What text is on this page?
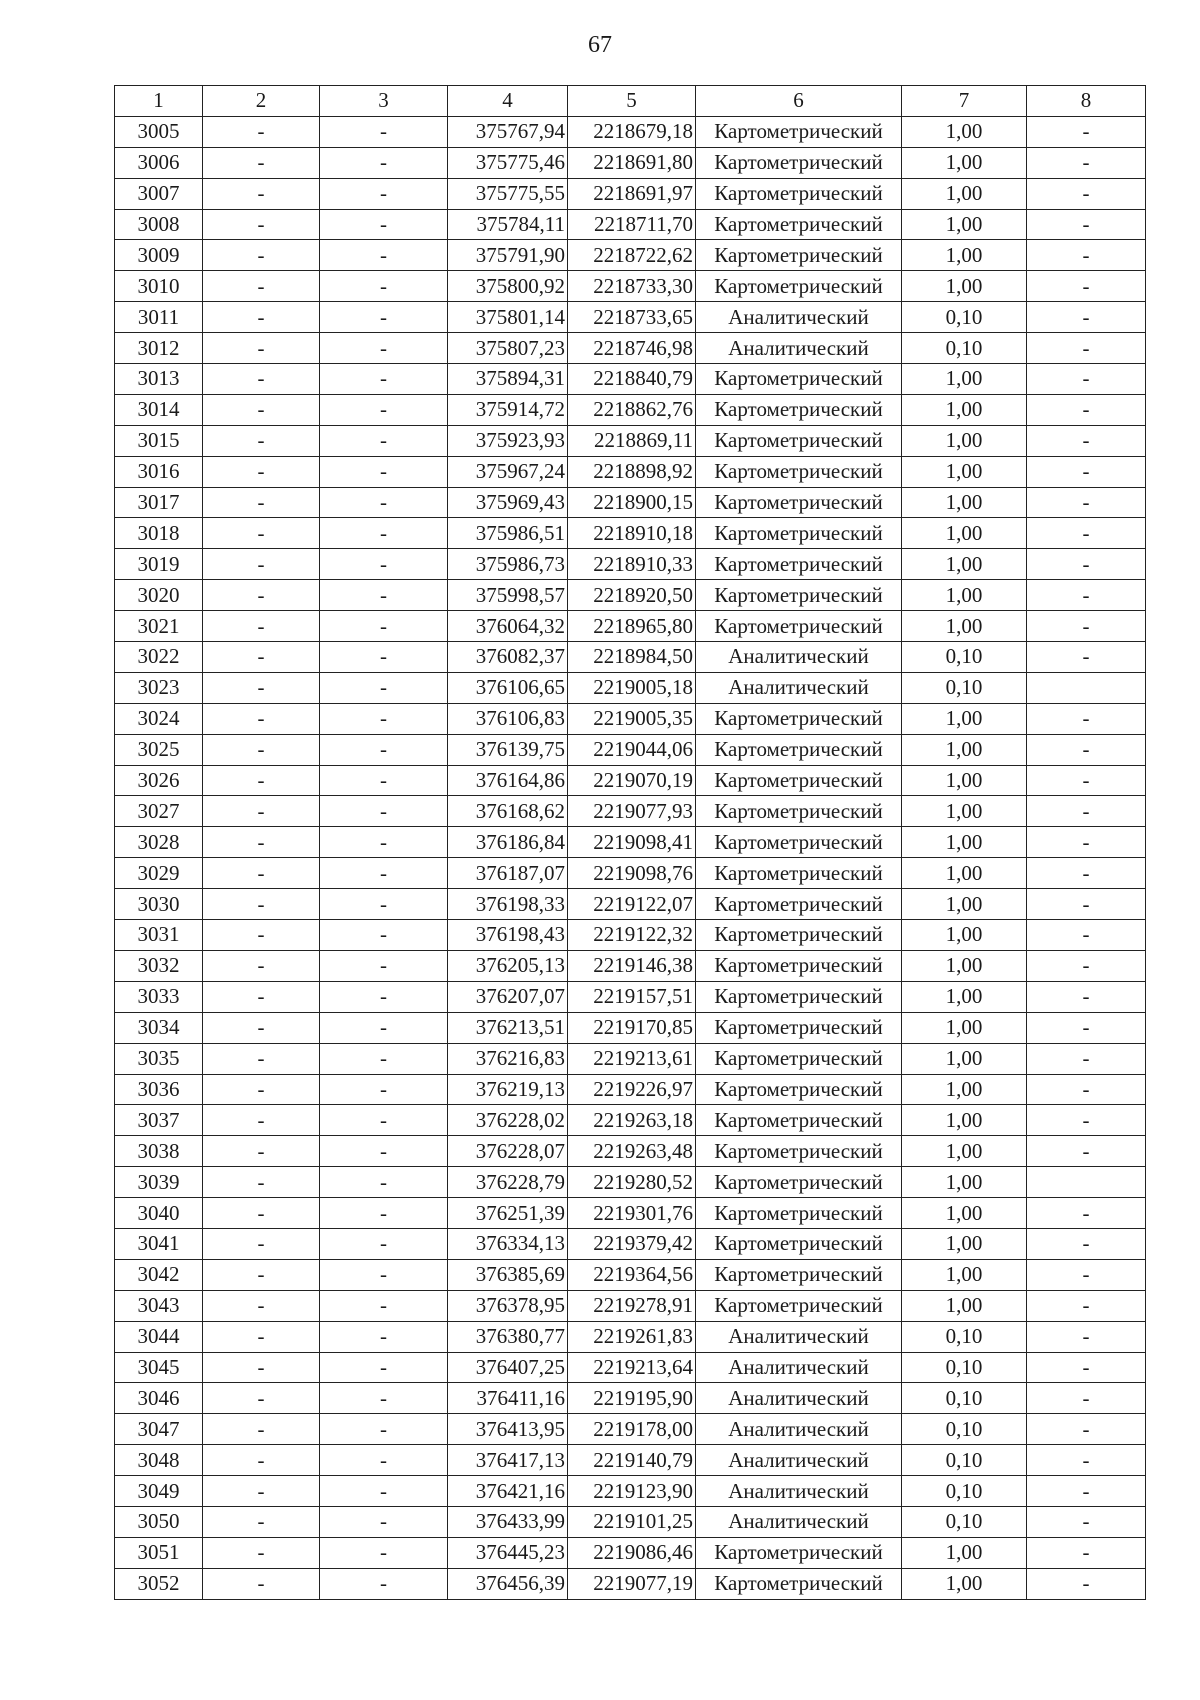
67
1	2	3	4	5	6	7	8
3005	-	-	375767,94	2218679,18	Картометрический	1,00	-
3006	-	-	375775,46	2218691,80	Картометрический	1,00	-
3007	-	-	375775,55	2218691,97	Картометрический	1,00	-
3008	-	-	375784,11	2218711,70	Картометрический	1,00	-
3009	-	-	375791,90	2218722,62	Картометрический	1,00	-
3010	-	-	375800,92	2218733,30	Картометрический	1,00	-
3011	-	-	375801,14	2218733,65	Аналитический	0,10	-
3012	-	-	375807,23	2218746,98	Аналитический	0,10	-
3013	-	-	375894,31	2218840,79	Картометрический	1,00	-
3014	-	-	375914,72	2218862,76	Картометрический	1,00	-
3015	-	-	375923,93	2218869,11	Картометрический	1,00	-
3016	-	-	375967,24	2218898,92	Картометрический	1,00	-
3017	-	-	375969,43	2218900,15	Картометрический	1,00	-
3018	-	-	375986,51	2218910,18	Картометрический	1,00	-
3019	-	-	375986,73	2218910,33	Картометрический	1,00	-
3020	-	-	375998,57	2218920,50	Картометрический	1,00	-
3021	-	-	376064,32	2218965,80	Картометрический	1,00	-
3022	-	-	376082,37	2218984,50	Аналитический	0,10	-
3023	-	-	376106,65	2219005,18	Аналитический	0,10	
3024	-	-	376106,83	2219005,35	Картометрический	1,00	-
3025	-	-	376139,75	2219044,06	Картометрический	1,00	-
3026	-	-	376164,86	2219070,19	Картометрический	1,00	-
3027	-	-	376168,62	2219077,93	Картометрический	1,00	-
3028	-	-	376186,84	2219098,41	Картометрический	1,00	-
3029	-	-	376187,07	2219098,76	Картометрический	1,00	-
3030	-	-	376198,33	2219122,07	Картометрический	1,00	-
3031	-	-	376198,43	2219122,32	Картометрический	1,00	-
3032	-	-	376205,13	2219146,38	Картометрический	1,00	-
3033	-	-	376207,07	2219157,51	Картометрический	1,00	-
3034	-	-	376213,51	2219170,85	Картометрический	1,00	-
3035	-	-	376216,83	2219213,61	Картометрический	1,00	-
3036	-	-	376219,13	2219226,97	Картометрический	1,00	-
3037	-	-	376228,02	2219263,18	Картометрический	1,00	-
3038	-	-	376228,07	2219263,48	Картометрический	1,00	-
3039	-	-	376228,79	2219280,52	Картометрический	1,00	
3040	-	-	376251,39	2219301,76	Картометрический	1,00	-
3041	-	-	376334,13	2219379,42	Картометрический	1,00	-
3042	-	-	376385,69	2219364,56	Картометрический	1,00	-
3043	-	-	376378,95	2219278,91	Картометрический	1,00	-
3044	-	-	376380,77	2219261,83	Аналитический	0,10	-
3045	-	-	376407,25	2219213,64	Аналитический	0,10	-
3046	-	-	376411,16	2219195,90	Аналитический	0,10	-
3047	-	-	376413,95	2219178,00	Аналитический	0,10	-
3048	-	-	376417,13	2219140,79	Аналитический	0,10	-
3049	-	-	376421,16	2219123,90	Аналитический	0,10	-
3050	-	-	376433,99	2219101,25	Аналитический	0,10	-
3051	-	-	376445,23	2219086,46	Картометрический	1,00	-
3052	-	-	376456,39	2219077,19	Картометрический	1,00	-
